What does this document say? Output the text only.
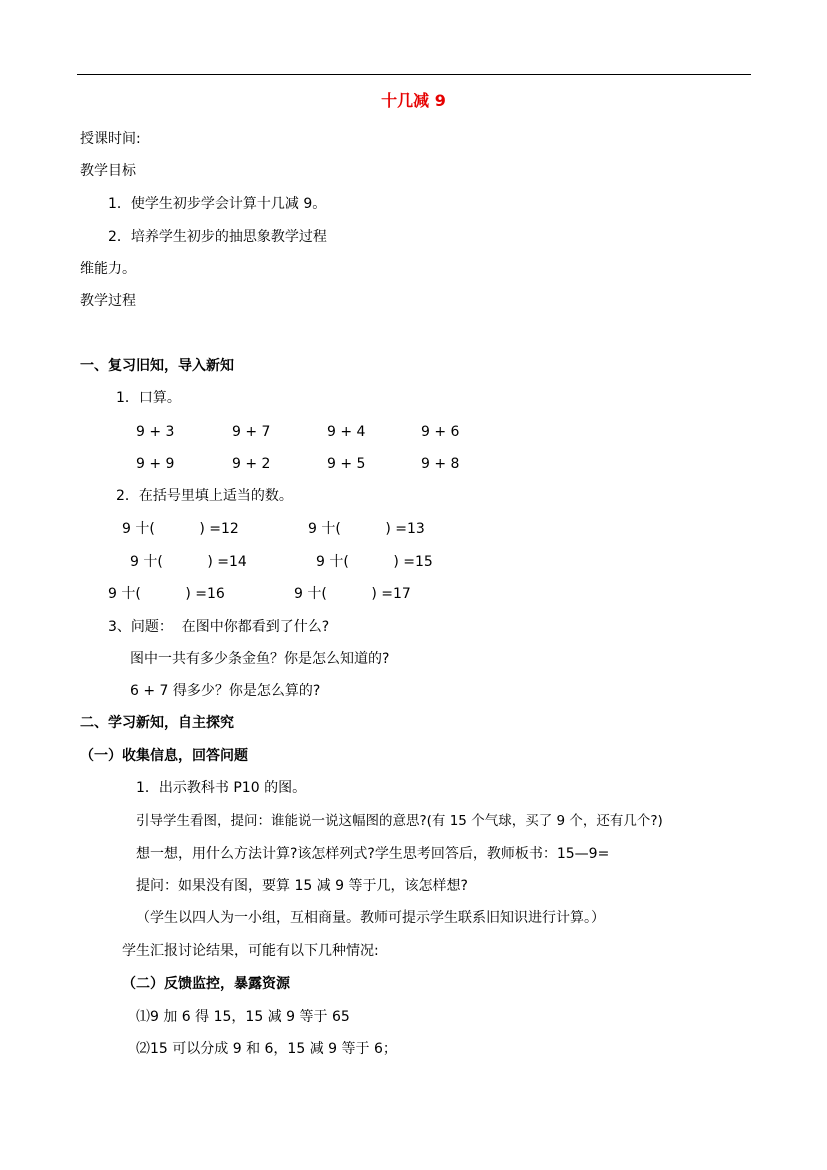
十几减 9
授课时间:
教学目标
1．使学生初步学会计算十几减 9。
2．培养学生初步的抽思象教学过程
维能力。
教学过程
一、复习旧知，导入新知
1．口算。
9 + 3	9 + 7	9 + 4	9 + 6
9 + 9	9 + 2	9 + 5	9 + 8
2．在括号里填上适当的数。
9 十(          ) =12	9 十(          ) =13
9 十(          ) =14	9 十(          ) =15
9 十(          ) =16	9 十(          ) =17
3、问题：  在图中你都看到了什么?
图中一共有多少条金鱼？你是怎么知道的?
6 + 7 得多少？你是怎么算的?
二、学习新知，自主探究
（一）收集信息，回答问题
1．出示教科书 P10 的图。
引导学生看图，提问：谁能说一说这幅图的意思?(有 15 个气球，买了 9 个，还有几个?)
想一想，用什么方法计算?该怎样列式?学生思考回答后，教师板书：15—9=
提问：如果没有图，要算 15 减 9 等于几，该怎样想?
（学生以四人为一小组，互相商量。教师可提示学生联系旧知识进行计算。）
学生汇报讨论结果，可能有以下几种情况:
（二）反馈监控，暴露资源
⑴9 加 6 得 15，15 减 9 等于 65
⑵15 可以分成 9 和 6，15 减 9 等于 6；
